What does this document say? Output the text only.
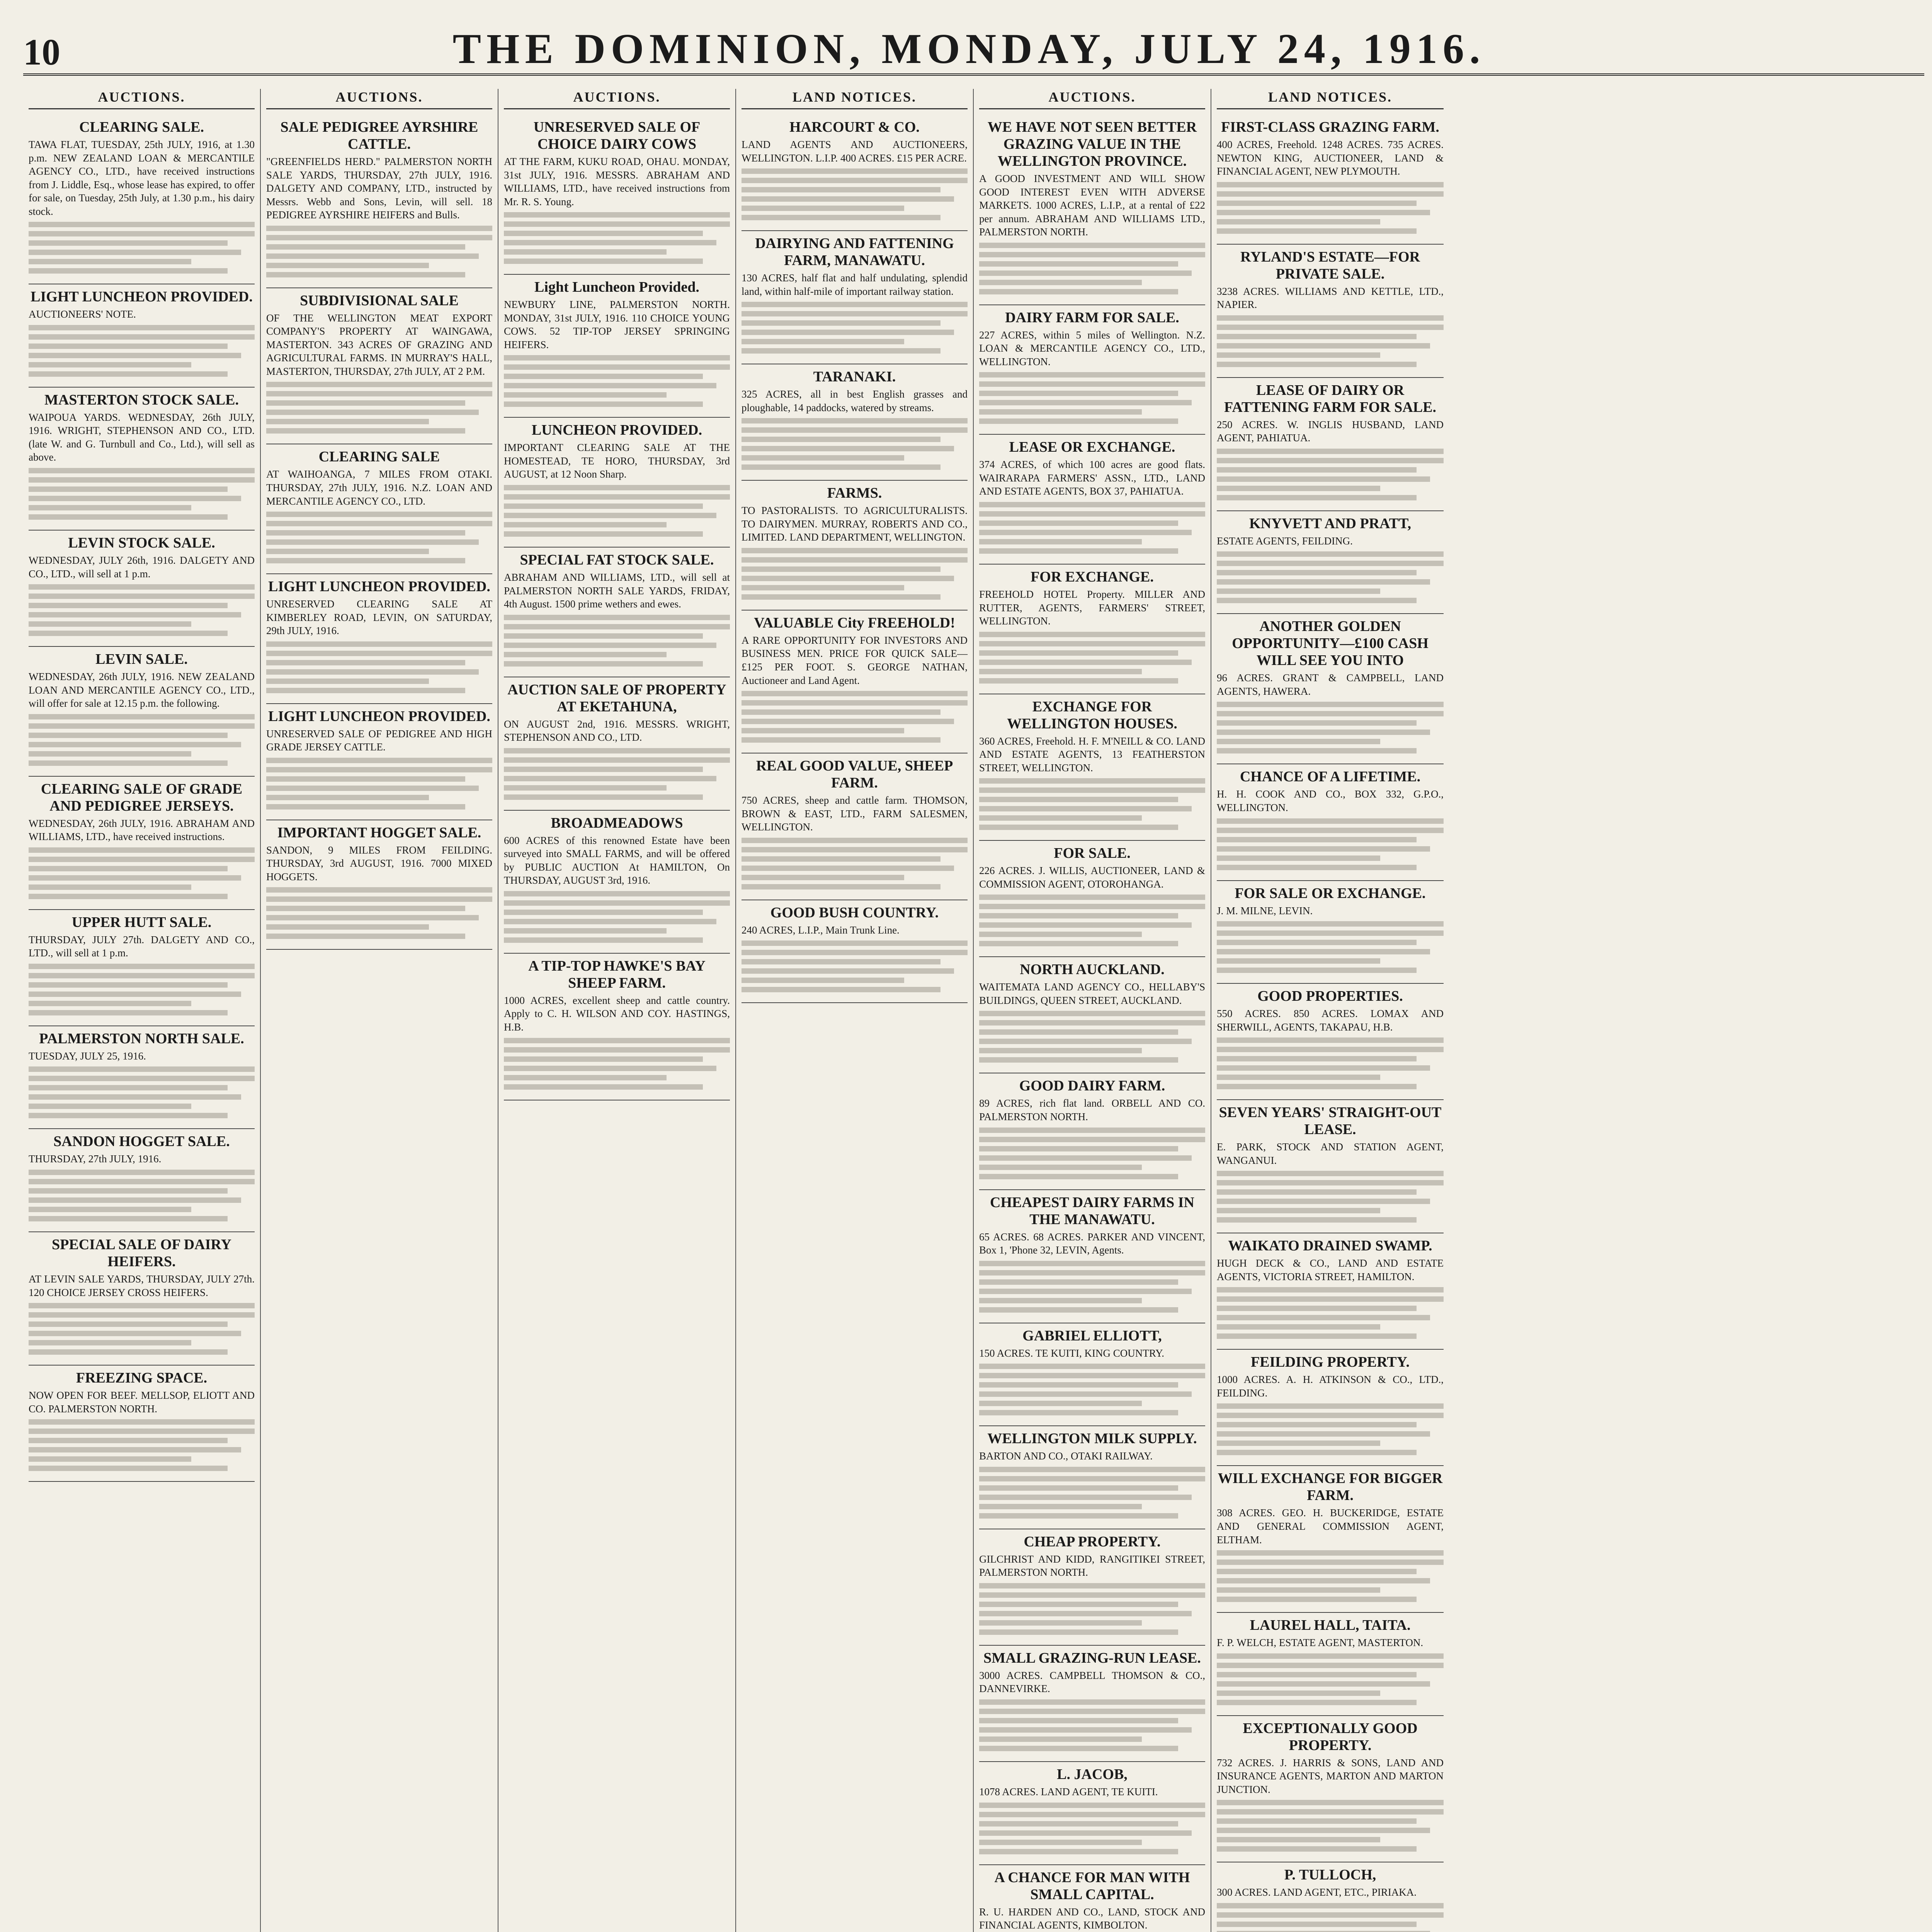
10	THE DOMINION, MONDAY, JULY 24, 1916.
AUCTIONS.
CLEARING SALE.

TAWA FLAT, TUESDAY, 25th JULY, 1916, at 1.30 p.m. NEW ZEALAND LOAN & MERCANTILE AGENCY CO., LTD., have received instructions from J. Liddle, Esq., whose lease has expired, to offer for sale, on Tuesday, 25th July, at 1.30 p.m., his dairy stock.

LIGHT LUNCHEON PROVIDED.

AUCTIONEERS' NOTE.

MASTERTON STOCK SALE.

WAIPOUA YARDS. WEDNESDAY, 26th JULY, 1916. WRIGHT, STEPHENSON AND CO., LTD. (late W. and G. Turnbull and Co., Ltd.), will sell as above.

LEVIN STOCK SALE.

WEDNESDAY, JULY 26th, 1916. DALGETY AND CO., LTD., will sell at 1 p.m.

LEVIN SALE.

WEDNESDAY, 26th JULY, 1916. NEW ZEALAND LOAN AND MERCANTILE AGENCY CO., LTD., will offer for sale at 12.15 p.m. the following.

CLEARING SALE OF GRADE AND PEDIGREE JERSEYS.

WEDNESDAY, 26th JULY, 1916. ABRAHAM AND WILLIAMS, LTD., have received instructions.

UPPER HUTT SALE.

THURSDAY, JULY 27th. DALGETY AND CO., LTD., will sell at 1 p.m.

PALMERSTON NORTH SALE.

TUESDAY, JULY 25, 1916.

SANDON HOGGET SALE.

THURSDAY, 27th JULY, 1916.

SPECIAL SALE OF DAIRY HEIFERS.

AT LEVIN SALE YARDS, THURSDAY, JULY 27th. 120 CHOICE JERSEY CROSS HEIFERS.

FREEZING SPACE.

NOW OPEN FOR BEEF. MELLSOP, ELIOTT AND CO. PALMERSTON NORTH.

AUCTIONS.
SALE PEDIGREE AYRSHIRE CATTLE.

"GREENFIELDS HERD." PALMERSTON NORTH SALE YARDS, THURSDAY, 27th JULY, 1916. DALGETY AND COMPANY, LTD., instructed by Messrs. Webb and Sons, Levin, will sell. 18 PEDIGREE AYRSHIRE HEIFERS and Bulls.

SUBDIVISIONAL SALE

OF THE WELLINGTON MEAT EXPORT COMPANY'S PROPERTY AT WAINGAWA, MASTERTON. 343 ACRES OF GRAZING AND AGRICULTURAL FARMS. IN MURRAY'S HALL, MASTERTON, THURSDAY, 27th JULY, AT 2 P.M.

CLEARING SALE

AT WAIHOANGA, 7 MILES FROM OTAKI. THURSDAY, 27th JULY, 1916. N.Z. LOAN AND MERCANTILE AGENCY CO., LTD.

LIGHT LUNCHEON PROVIDED.

UNRESERVED CLEARING SALE AT KIMBERLEY ROAD, LEVIN, ON SATURDAY, 29th JULY, 1916.

LIGHT LUNCHEON PROVIDED.

UNRESERVED SALE OF PEDIGREE AND HIGH GRADE JERSEY CATTLE.

IMPORTANT HOGGET SALE.

SANDON, 9 MILES FROM FEILDING. THURSDAY, 3rd AUGUST, 1916. 7000 MIXED HOGGETS.

AUCTIONS.
UNRESERVED SALE OF CHOICE DAIRY COWS

AT THE FARM, KUKU ROAD, OHAU. MONDAY, 31st JULY, 1916. MESSRS. ABRAHAM AND WILLIAMS, LTD., have received instructions from Mr. R. S. Young.

Light Luncheon Provided.

NEWBURY LINE, PALMERSTON NORTH. MONDAY, 31st JULY, 1916. 110 CHOICE YOUNG COWS. 52 TIP-TOP JERSEY SPRINGING HEIFERS.

LUNCHEON PROVIDED.

IMPORTANT CLEARING SALE AT THE HOMESTEAD, TE HORO, THURSDAY, 3rd AUGUST, at 12 Noon Sharp.

SPECIAL FAT STOCK SALE.

ABRAHAM AND WILLIAMS, LTD., will sell at PALMERSTON NORTH SALE YARDS, FRIDAY, 4th August. 1500 prime wethers and ewes.

AUCTION SALE OF PROPERTY AT EKETAHUNA,

ON AUGUST 2nd, 1916. MESSRS. WRIGHT, STEPHENSON AND CO., LTD.

BROADMEADOWS

600 ACRES of this renowned Estate have been surveyed into SMALL FARMS, and will be offered by PUBLIC AUCTION At HAMILTON, On THURSDAY, AUGUST 3rd, 1916.

A TIP-TOP HAWKE'S BAY SHEEP FARM.

1000 ACRES, excellent sheep and cattle country. Apply to C. H. WILSON AND COY. HASTINGS, H.B.

LAND NOTICES.
HARCOURT & CO.

LAND AGENTS AND AUCTIONEERS, WELLINGTON. L.I.P. 400 ACRES. £15 PER ACRE.

DAIRYING AND FATTENING FARM, MANAWATU.

130 ACRES, half flat and half undulating, splendid land, within half-mile of important railway station.

TARANAKI.

325 ACRES, all in best English grasses and ploughable, 14 paddocks, watered by streams.

FARMS.

TO PASTORALISTS. TO AGRICULTURALISTS. TO DAIRYMEN. MURRAY, ROBERTS AND CO., LIMITED. LAND DEPARTMENT, WELLINGTON.

VALUABLE City FREEHOLD!

A RARE OPPORTUNITY FOR INVESTORS AND BUSINESS MEN. PRICE FOR QUICK SALE— £125 PER FOOT. S. GEORGE NATHAN, Auctioneer and Land Agent.

REAL GOOD VALUE, SHEEP FARM.

750 ACRES, sheep and cattle farm. THOMSON, BROWN & EAST, LTD., FARM SALESMEN, WELLINGTON.

GOOD BUSH COUNTRY.

240 ACRES, L.I.P., Main Trunk Line.

AUCTIONS.
WE HAVE NOT SEEN BETTER GRAZING VALUE IN THE WELLINGTON PROVINCE.

A GOOD INVESTMENT AND WILL SHOW GOOD INTEREST EVEN WITH ADVERSE MARKETS. 1000 ACRES, L.I.P., at a rental of £22 per annum. ABRAHAM AND WILLIAMS LTD., PALMERSTON NORTH.

DAIRY FARM FOR SALE.

227 ACRES, within 5 miles of Wellington. N.Z. LOAN & MERCANTILE AGENCY CO., LTD., WELLINGTON.

LEASE OR EXCHANGE.

374 ACRES, of which 100 acres are good flats. WAIRARAPA FARMERS' ASSN., LTD., LAND AND ESTATE AGENTS, BOX 37, PAHIATUA.

FOR EXCHANGE.

FREEHOLD HOTEL Property. MILLER AND RUTTER, AGENTS, FARMERS' STREET, WELLINGTON.

EXCHANGE FOR WELLINGTON HOUSES.

360 ACRES, Freehold. H. F. M'NEILL & CO. LAND AND ESTATE AGENTS, 13 FEATHERSTON STREET, WELLINGTON.

FOR SALE.

226 ACRES. J. WILLIS, AUCTIONEER, LAND & COMMISSION AGENT, OTOROHANGA.

NORTH AUCKLAND.

WAITEMATA LAND AGENCY CO., HELLABY'S BUILDINGS, QUEEN STREET, AUCKLAND.

GOOD DAIRY FARM.

89 ACRES, rich flat land. ORBELL AND CO. PALMERSTON NORTH.

CHEAPEST DAIRY FARMS IN THE MANAWATU.

65 ACRES. 68 ACRES. PARKER AND VINCENT, Box 1, 'Phone 32, LEVIN, Agents.

GABRIEL ELLIOTT,

150 ACRES. TE KUITI, KING COUNTRY.

WELLINGTON MILK SUPPLY.

BARTON AND CO., OTAKI RAILWAY.

CHEAP PROPERTY.

GILCHRIST AND KIDD, RANGITIKEI STREET, PALMERSTON NORTH.

SMALL GRAZING-RUN LEASE.

3000 ACRES. CAMPBELL THOMSON & CO., DANNEVIRKE.

L. JACOB,

1078 ACRES. LAND AGENT, TE KUITI.

A CHANCE FOR MAN WITH SMALL CAPITAL.

R. U. HARDEN AND CO., LAND, STOCK AND FINANCIAL AGENTS, KIMBOLTON.

LAND NOTICES.
FIRST-CLASS GRAZING FARM.

400 ACRES, Freehold. 1248 ACRES. 735 ACRES. NEWTON KING, AUCTIONEER, LAND & FINANCIAL AGENT, NEW PLYMOUTH.

RYLAND'S ESTATE—FOR PRIVATE SALE.

3238 ACRES. WILLIAMS AND KETTLE, LTD., NAPIER.

LEASE OF DAIRY OR FATTENING FARM FOR SALE.

250 ACRES. W. INGLIS HUSBAND, LAND AGENT, PAHIATUA.

KNYVETT AND PRATT,

ESTATE AGENTS, FEILDING.

ANOTHER GOLDEN OPPORTUNITY—£100 CASH WILL SEE YOU INTO

96 ACRES. GRANT & CAMPBELL, LAND AGENTS, HAWERA.

CHANCE OF A LIFETIME.

H. H. COOK AND CO., BOX 332, G.P.O., WELLINGTON.

FOR SALE OR EXCHANGE.

J. M. MILNE, LEVIN.

GOOD PROPERTIES.

550 ACRES. 850 ACRES. LOMAX AND SHERWILL, AGENTS, TAKAPAU, H.B.

SEVEN YEARS' STRAIGHT-OUT LEASE.

E. PARK, STOCK AND STATION AGENT, WANGANUI.

WAIKATO DRAINED SWAMP.

HUGH DECK & CO., LAND AND ESTATE AGENTS, VICTORIA STREET, HAMILTON.

FEILDING PROPERTY.

1000 ACRES. A. H. ATKINSON & CO., LTD., FEILDING.

WILL EXCHANGE FOR BIGGER FARM.

308 ACRES. GEO. H. BUCKERIDGE, ESTATE AND GENERAL COMMISSION AGENT, ELTHAM.

LAUREL HALL, TAITA.

F. P. WELCH, ESTATE AGENT, MASTERTON.

EXCEPTIONALLY GOOD PROPERTY.

732 ACRES. J. HARRIS & SONS, LAND AND INSURANCE AGENTS, MARTON AND MARTON JUNCTION.

P. TULLOCH,

300 ACRES. LAND AGENT, ETC., PIRIAKA.
